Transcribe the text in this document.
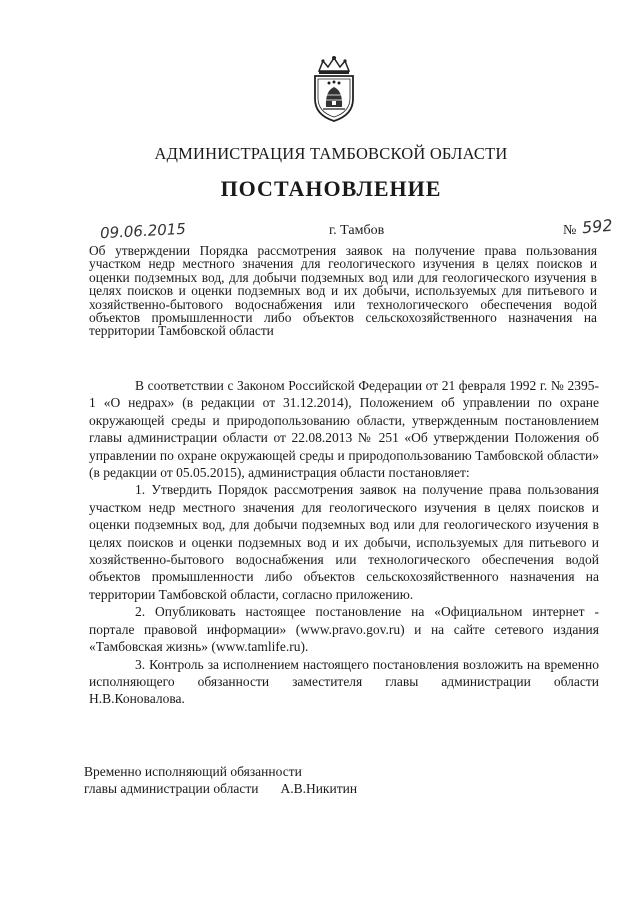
АДМИНИСТРАЦИЯ ТАМБОВСКОЙ ОБЛАСТИ
ПОСТАНОВЛЕНИЕ
09.06.2015	г. Тамбов	№ 592
Об утверждении Порядка рассмотрения заявок на получение права пользования участком недр местного значения для геологического изучения в целях поисков и оценки подземных вод, для добычи подземных вод или для геологического изучения в целях поисков и оценки подземных вод и их добычи, используемых для питьевого и хозяйственно-бытового водоснабжения или технологического обеспечения водой объектов промышленности либо объектов сельскохозяйственного назначения на территории Тамбовской области

В соответствии с Законом Российской Федерации от 21 февраля 1992 г. № 2395-1 «О недрах» (в редакции от 31.12.2014), Положением об управлении по охране окружающей среды и природопользованию области, утвержденным постановлением главы администрации области от 22.08.2013 № 251 «Об утверждении Положения об управлении по охране окружающей среды и природопользованию Тамбовской области» (в редакции от 05.05.2015), администрация области постановляет:

1. Утвердить Порядок рассмотрения заявок на получение права пользования участком недр местного значения для геологического изучения в целях поисков и оценки подземных вод, для добычи подземных вод или для геологического изучения в целях поисков и оценки подземных вод и их добычи, используемых для питьевого и хозяйственно-бытового водоснабжения или технологического обеспечения водой объектов промышленности либо объектов сельскохозяйственного назначения на территории Тамбовской области, согласно приложению.

2. Опубликовать настоящее постановление на «Официальном интернет - портале правовой информации» (www.pravo.gov.ru) и на сайте сетевого издания «Тамбовская жизнь» (www.tamlife.ru).

3. Контроль за исполнением настоящего постановления возложить на временно исполняющего обязанности заместителя главы администрации области Н.В.Коновалова.

Временно исполняющий обязанности
главы администрации области А.В.Никитин
